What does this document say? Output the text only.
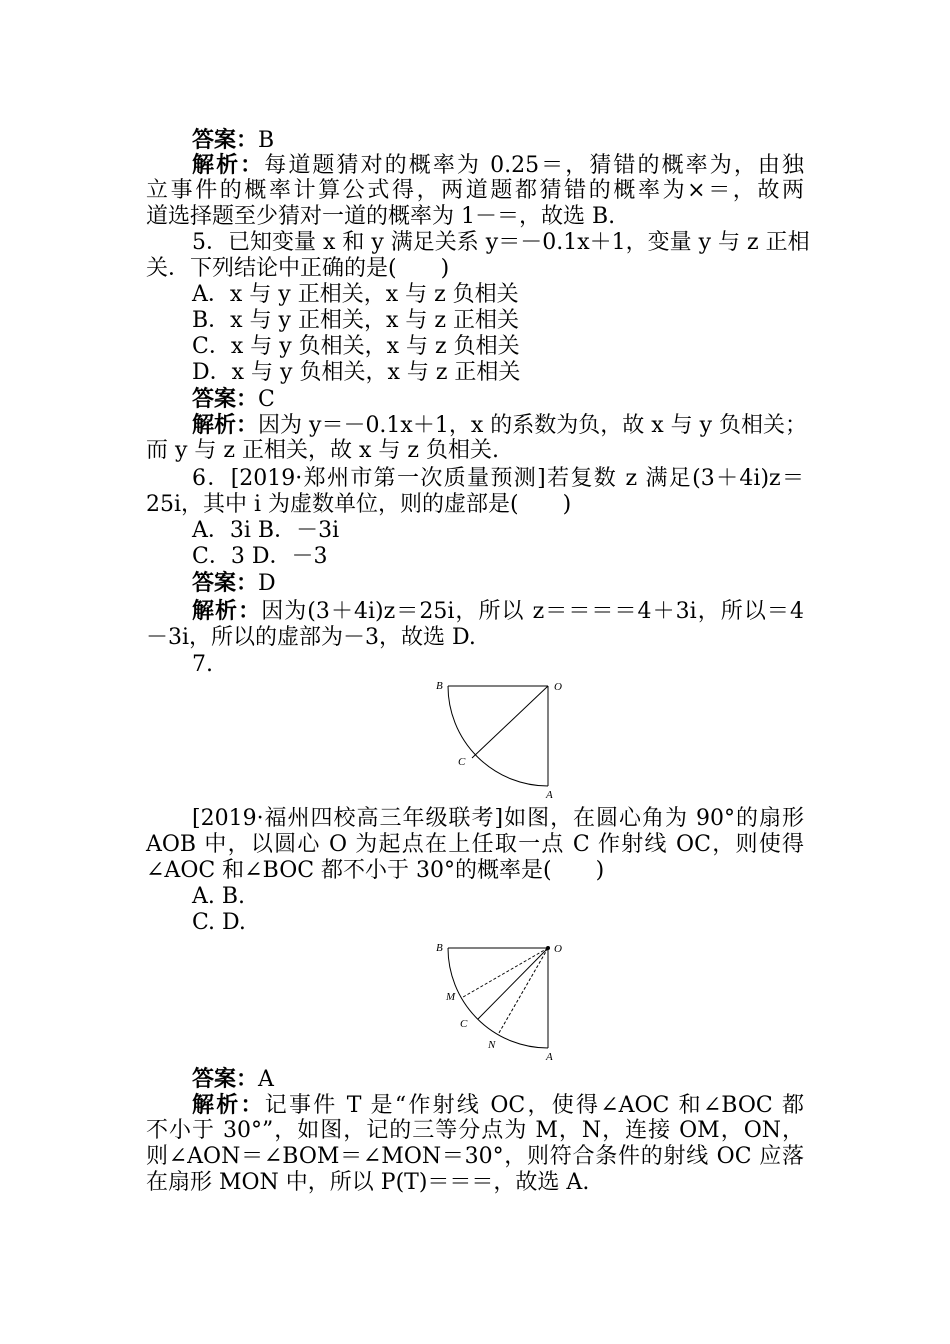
答案：B
解析：每道题猜对的概率为 0.25＝，猜错的概率为，由独
立事件的概率计算公式得，两道题都猜错的概率为×＝，故两
道选择题至少猜对一道的概率为 1－＝，故选 B.
5．已知变量 x 和 y 满足关系 y＝－0.1x＋1，变量 y 与 z 正相
关．下列结论中正确的是(　　)
A．x 与 y 正相关，x 与 z 负相关
B．x 与 y 正相关，x 与 z 正相关
C．x 与 y 负相关，x 与 z 负相关
D．x 与 y 负相关，x 与 z 正相关
答案：C
解析：因为 y＝－0.1x＋1，x 的系数为负，故 x 与 y 负相关；
而 y 与 z 正相关，故 x 与 z 负相关.
6．[2019·郑州市第一次质量预测]若复数 z 满足(3＋4i)z＝
25i，其中 i 为虚数单位，则的虚部是(　　)
A．3i B．－3i
C．3 D．－3
答案：D
解析：因为(3＋4i)z＝25i，所以 z＝＝＝＝4＋3i，所以＝4
－3i，所以的虚部为－3，故选 D.
7.
B	O
C
A
[2019·福州四校高三年级联考]如图，在圆心角为 90°的扇形
AOB 中，以圆心 O 为起点在上任取一点 C 作射线 OC，则使得
∠AOC 和∠BOC 都不小于 30°的概率是(　　)
A. B.
C. D.
B	O
M
C
N
A
答案：A
解析：记事件 T 是“作射线 OC，使得∠AOC 和∠BOC 都
不小于 30°”，如图，记的三等分点为 M，N，连接 OM，ON，
则∠AON＝∠BOM＝∠MON＝30°，则符合条件的射线 OC 应落
在扇形 MON 中，所以 P(T)＝＝＝，故选 A.
